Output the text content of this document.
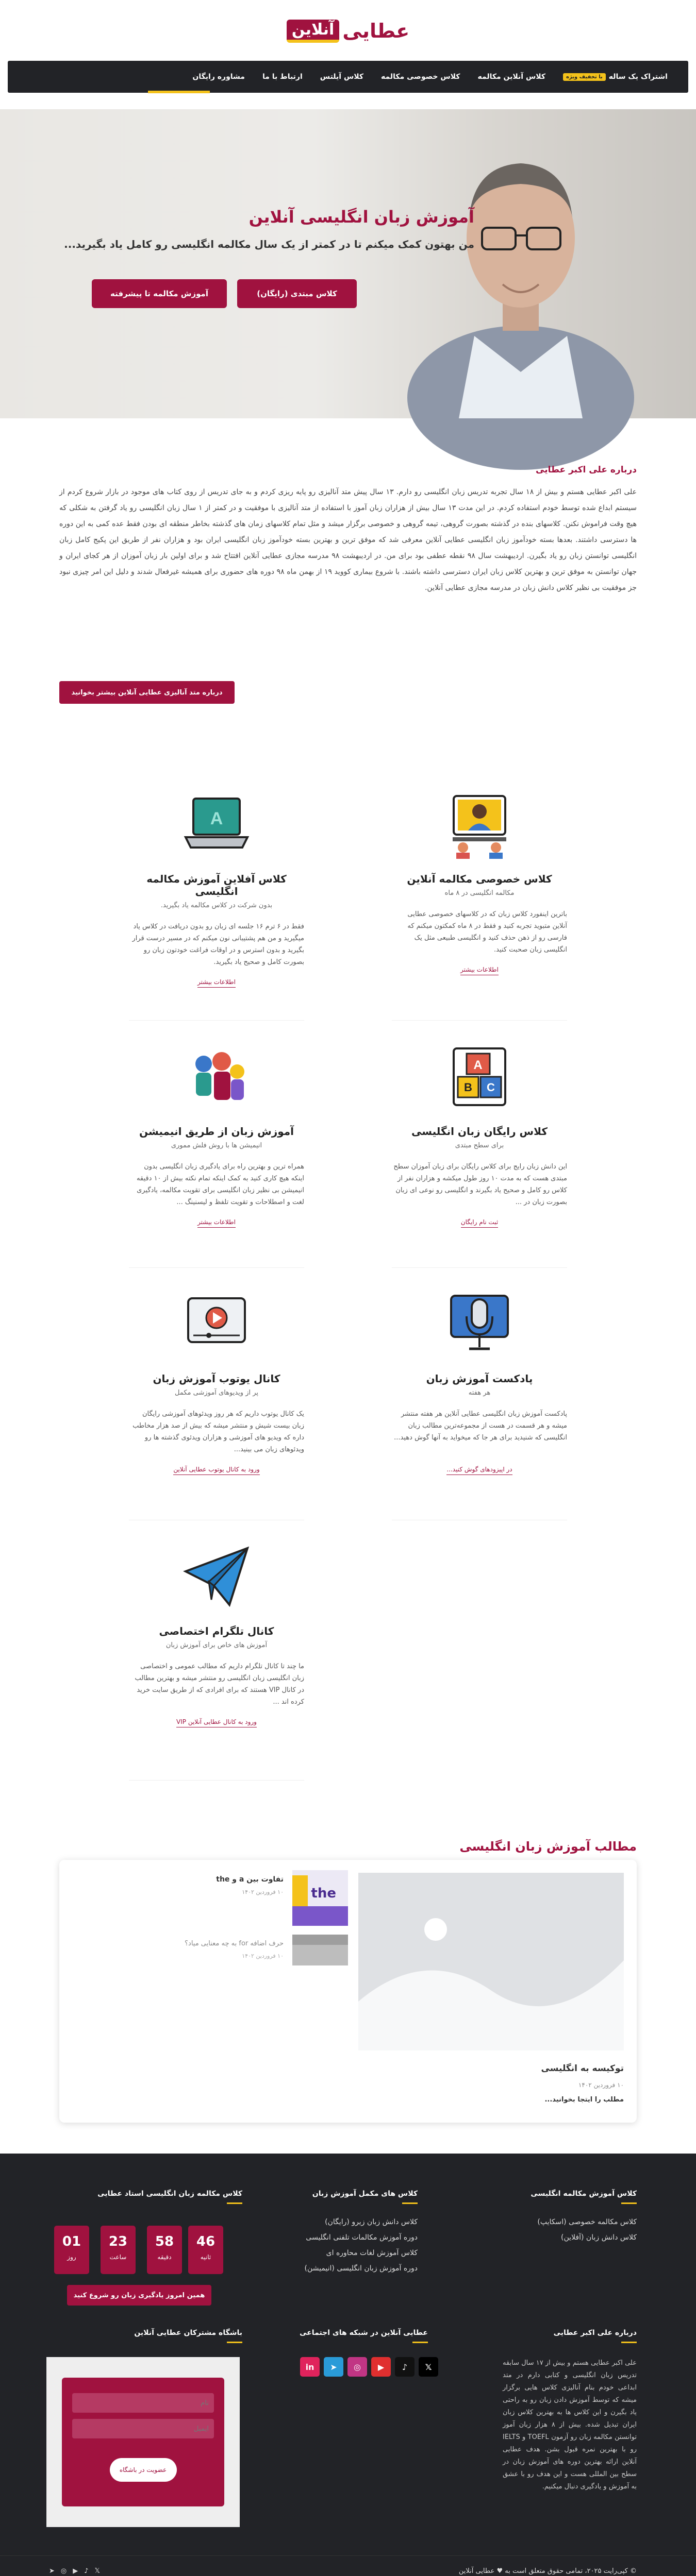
عطایی
آنلاین
اشتراک یک ساله
با تخفیف ویژه
کلاس آنلاین مکالمه
کلاس خصوصی مکالمه
کلاس آیلتس
ارتباط با ما
مشاوره رایگان
آموزش زبان انگلیسی آنلاین
من بهتون کمک میکنم تا در کمتر از یک سال مکالمه انگلیسی رو کامل یاد بگیرید...
کلاس مبتدی (رایگان)
آموزش مکالمه تا پیشرفته
درباره علی اکبر عطایی
علی اکبر عطایی هستم و بیش از ۱۸ سال تجربه تدریس زبان انگلیسی رو دارم. ۱۳ سال پیش متد آنالیزی رو پایه ریزی کردم و به جای تدریس از روی کتاب های موجود در بازار شروع کردم از سیستم ابداع شده توسط خودم استفاده کردم. در این مدت ۱۳ سال بیش از هزاران زبان آموز با استفاده از متد آنالیزی با موفقیت و در کمتر از ۱ سال زبان انگلیسی رو یاد گرفتن به شکلی که هیچ وقت فراموش نکنن. کلاسهای بنده در گذشته بصورت گروهی، تیمه گروهی و خصوصی برگزار میشد و مثل تمام کلاسهای زمان های گذشته بخاطر منطقه ای بودن فقط عده کمی به این دوره ها دسترسی داشتند. بعدها بسته خودآموز زبان انگلیسی عطایی آنلاین معرفی شد که موفق ترین و بهترین بسته خودآموز زبان انگلیسی ایران بود و هزاران نفر از طریق این پکیج کامل زبان انگلیسی توانستن زبان رو یاد بگیرن. اردیبهشت سال ۹۸ نقطه عطفی بود برای من. در اردیبهشت ۹۸ مدرسه مجازی عطایی آنلاین افتتاح شد و برای اولین بار زبان آموزان از هر کجای ایران و جهان توانستن به موفق ترین و بهترین کلاس زبان ایران دسترسی داشته باشند. با شروع بیماری کووید ۱۹ از بهمن ماه ۹۸ دوره های حضوری برای همیشه غیرفعال شدند و دلیل این امر چیزی نبود جز موفقیت بی نظیر کلاس دانش زبان در مدرسه مجازی عطایی آنلاین.
درباره متد آنالیزی عطایی آنلاین بیشتر بخوانید
کلاس خصوصی مکالمه آنلاین
مکالمه انگلیسی در ۸ ماه
باترین اینفورد کلاس زبان که در کلاسهای خصوصی عطایی آنلاین متبوید تجربه کنید و فقط در ۸ ماه کمکتون میکنم که فارسی رو از ذهن حذف کنید و انگلیسی طبیعی مثل یک انگلیسی زبان صحبت کنید.
اطلاعات بیشتر
A
کلاس آفلاین آموزش مکالمه انگلیسی
بدون شرکت در کلاس مکالمه یاد بگیرید.
فقط در ۶ ترم ۱۶ جلسه ای زبان رو بدون دریافت در کلاس یاد میگیرید و من هم پشتیبانی نون میکنم که در مسیر درست قرار بگیرید و بدون استرس و در اوقات فراغت خودتون زبان رو بصورت کامل و صحیح یاد بگیرید.
اطلاعات بیشتر
A
B C
کلاس رایگان زبان انگلیسی
برای سطح مبتدی
این دانش زبان رایج برای کلاس رایگان برای زبان آموزان سطح مبتدی هست که به مدت ۱۰ روز طول میکشه و هزاران نفر از کلاس رو کامل و صحیح یاد بگیرند و انگلیسی رو نوعی ای زبان بصورت زبان در ...
ثبت نام رایگان
آموزش زبان از طریق انیمیشن
انیمیشن ها با روش فلش مموری
همراه ترین و بهترین راه برای یادگیری زبان انگلیسی بدون اینکه هیچ کاری کنید به کمک اینکه تمام نکته بیش از ۱۰ دقیقه انیمیشن بی نظیر زبان انگلیسی برای تقویت مکالمه، یادگیری لغت و اصطلاحات و تقویت تلفظ و لیسنینگ ...
اطلاعات بیشتر
پادکست آموزش زبان
هر هفته
پادکست آموزش زبان انگلیسی عطایی آنلاین هر هفته منتشر میشه و هر قسمت در هست از مجموعه‌ترین مطالب زبان انگلیسی که شنیدید برای هر جا که میخواید به آنها گوش دهید...
در اپیزودهای گوش کنید...
کانال یوتوب آموزش زبان
پر از ویدیوهای آموزشی مکمل
یک کانال یوتوب داریم که هر روز ویدئوهای آموزشی رایگان زبان بیست شیش و منتشر میشه که بیش از صد هزار مخاطب داره که ویدیو های آموزشی و هزاران ویدئوی گذشته ها رو ویدئوهای زبان می بینید...
ورود به کانال یوتوب عطایی آنلاین
کانال تلگرام اختصاصی
آموزش های خاص برای آموزش زبان
ما چند تا کانال تلگرام داریم که مطالب عمومی و اختصاصی زبان انگلیسی زبان انگلیسی رو منتشر میشه و بهترین مطالب در کانال VIP هستند که برای افرادی که از طریق سایت خرید کرده اند ...
ورود به کانال عطایی آنلاین VIP
مطالب آموزش زبان انگلیسی
توکیسه به انگلیسی
۱۰ فروردین ۱۴۰۲
مطلب را ایتجا بخوانید...
the
تفاوت بین a و the
۱۰ فروردین ۱۴۰۲
حرف اضافه for به چه معنایی میاد؟
۱۰ فروردین ۱۴۰۲
کلاس آموزش مکالمه انگلیسی
کلاس مکالمه خصوصی (اسکایپ)
کلاس دانش زبان (آفلاین)
کلاس های مکمل آموزش زبان
کلاس دانش زبان زیرو (رایگان)
دوره آموزش مکالمات تلفنی انگلیسی
کلاس آموزش لغات محاوره ای
دوره آموزش زبان انگلیسی (انیمیشن)
کلاس مکالمه زبان انگلیسی استاد عطایی
46
ثانیه
58
دقیقه
23
ساعت
01
روز
همین امروز یادگیری زبان رو شروع کنید
درباره علی اکبر عطایی
علی اکبر عطایی هستم و بیش از ۱۷ سال سابقه تدریس زبان انگلیسی و کتابی دارم در متد ابداعی خودم بنام آنالیزی کلاس هایی برگزار میشه که توسط آموزش دادن زبان رو به راحتی یاد بگیرن و این کلاس ها به بهترین کلاس زبان ایران تبدیل شده. بیش از ۸ هزار زبان آموز توانستن مکالمه زبان رو آزمون TOEFL و IELTS رو با بهترین نمره قبول بشن. هدف عطایی آنلاین ارائه بهترین دوره های آموزش زبان در سطح بین المللی هست و این هدف رو با عشق به آموزش و یادگیری دنبال میکنیم.
عطایی آنلاین در شبکه های اجتماعی
𝕏
♪
▶
◎
➤
in
باشگاه مشترکان عطایی آنلاین
نام ایمیل
عضویت در باشگاه
© کپی‌رایت ۲۰۲۵، تمامی حقوق متعلق است به ♥ عطایی آنلاین
𝕏
♪
▶
◎
➤
